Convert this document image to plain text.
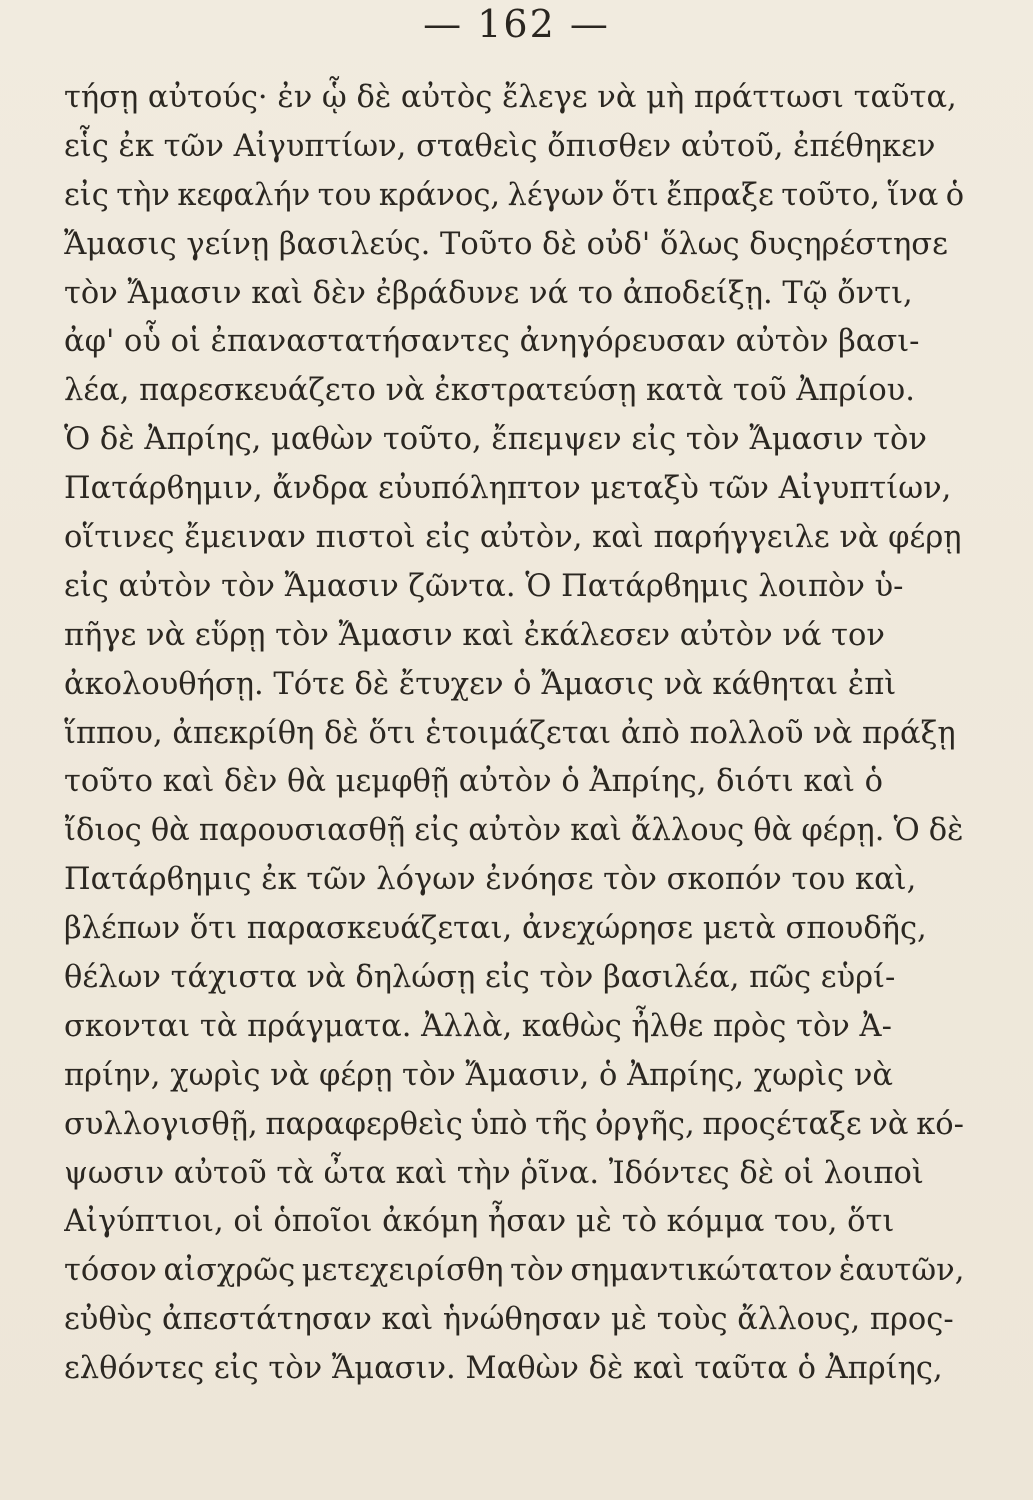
— 162 —
τήσῃ αὐτούς· ἐν ᾧ δὲ αὐτὸς ἔλεγε νὰ μὴ πράττωσι ταῦτα,
εἷς ἐκ τῶν Αἰγυπτίων, σταθεὶς ὄπισθεν αὐτοῦ, ἐπέθηκεν
εἰς τὴν κεφαλήν του κράνος, λέγων ὅτι ἔπραξε τοῦτο, ἵνα ὁ
Ἄμασις γείνῃ βασιλεύς. Τοῦτο δὲ οὐδ' ὅλως δυςηρέστησε
τὸν Ἄμασιν καὶ δὲν ἐβράδυνε νά το ἀποδείξῃ. Τῷ ὄντι,
ἀφ' οὗ οἱ ἐπαναστατήσαντες ἀνηγόρευσαν αὐτὸν βασι-
λέα, παρεσκευάζετο νὰ ἐκστρατεύσῃ κατὰ τοῦ Ἀπρίου.
Ὁ δὲ Ἀπρίης, μαθὼν τοῦτο, ἔπεμψεν εἰς τὸν Ἄμασιν τὸν
Πατάρϐημιν, ἄνδρα εὐυπόληπτον μεταξὺ τῶν Αἰγυπτίων,
οἵτινες ἔμειναν πιστοὶ εἰς αὐτὸν, καὶ παρήγγειλε νὰ φέρῃ
εἰς αὐτὸν τὸν Ἄμασιν ζῶντα. Ὁ Πατάρϐημις λοιπὸν ὑ-
πῆγε νὰ εὕρῃ τὸν Ἄμασιν καὶ ἐκάλεσεν αὐτὸν νά τον
ἀκολουθήσῃ. Τότε δὲ ἔτυχεν ὁ Ἄμασις νὰ κάθηται ἐπὶ
ἵππου, ἀπεκρίθη δὲ ὅτι ἑτοιμάζεται ἀπὸ πολλοῦ νὰ πράξῃ
τοῦτο καὶ δὲν θὰ μεμφθῇ αὐτὸν ὁ Ἀπρίης, διότι καὶ ὁ
ἴδιος θὰ παρουσιασθῇ εἰς αὐτὸν καὶ ἄλλους θὰ φέρῃ. Ὁ δὲ
Πατάρϐημις ἐκ τῶν λόγων ἐνόησε τὸν σκοπόν του καὶ,
βλέπων ὅτι παρασκευάζεται, ἀνεχώρησε μετὰ σπουδῆς,
θέλων τάχιστα νὰ δηλώσῃ εἰς τὸν βασιλέα, πῶς εὑρί-
σκονται τὰ πράγματα. Ἀλλὰ, καθὼς ἦλθε πρὸς τὸν Ἀ-
πρίην, χωρὶς νὰ φέρῃ τὸν Ἄμασιν, ὁ Ἀπρίης, χωρὶς νὰ
συλλογισθῇ, παραφερθεὶς ὑπὸ τῆς ὀργῆς, προςέταξε νὰ κό-
ψωσιν αὐτοῦ τὰ ὦτα καὶ τὴν ῥῖνα. Ἰδόντες δὲ οἱ λοιποὶ
Αἰγύπτιοι, οἱ ὁποῖοι ἀκόμη ἦσαν μὲ τὸ κόμμα του, ὅτι
τόσον αἰσχρῶς μετεχειρίσθη τὸν σημαντικώτατον ἑαυτῶν,
εὐθὺς ἀπεστάτησαν καὶ ἡνώθησαν μὲ τοὺς ἄλλους, προς-
ελθόντες εἰς τὸν Ἄμασιν. Μαθὼν δὲ καὶ ταῦτα ὁ Ἀπρίης,
